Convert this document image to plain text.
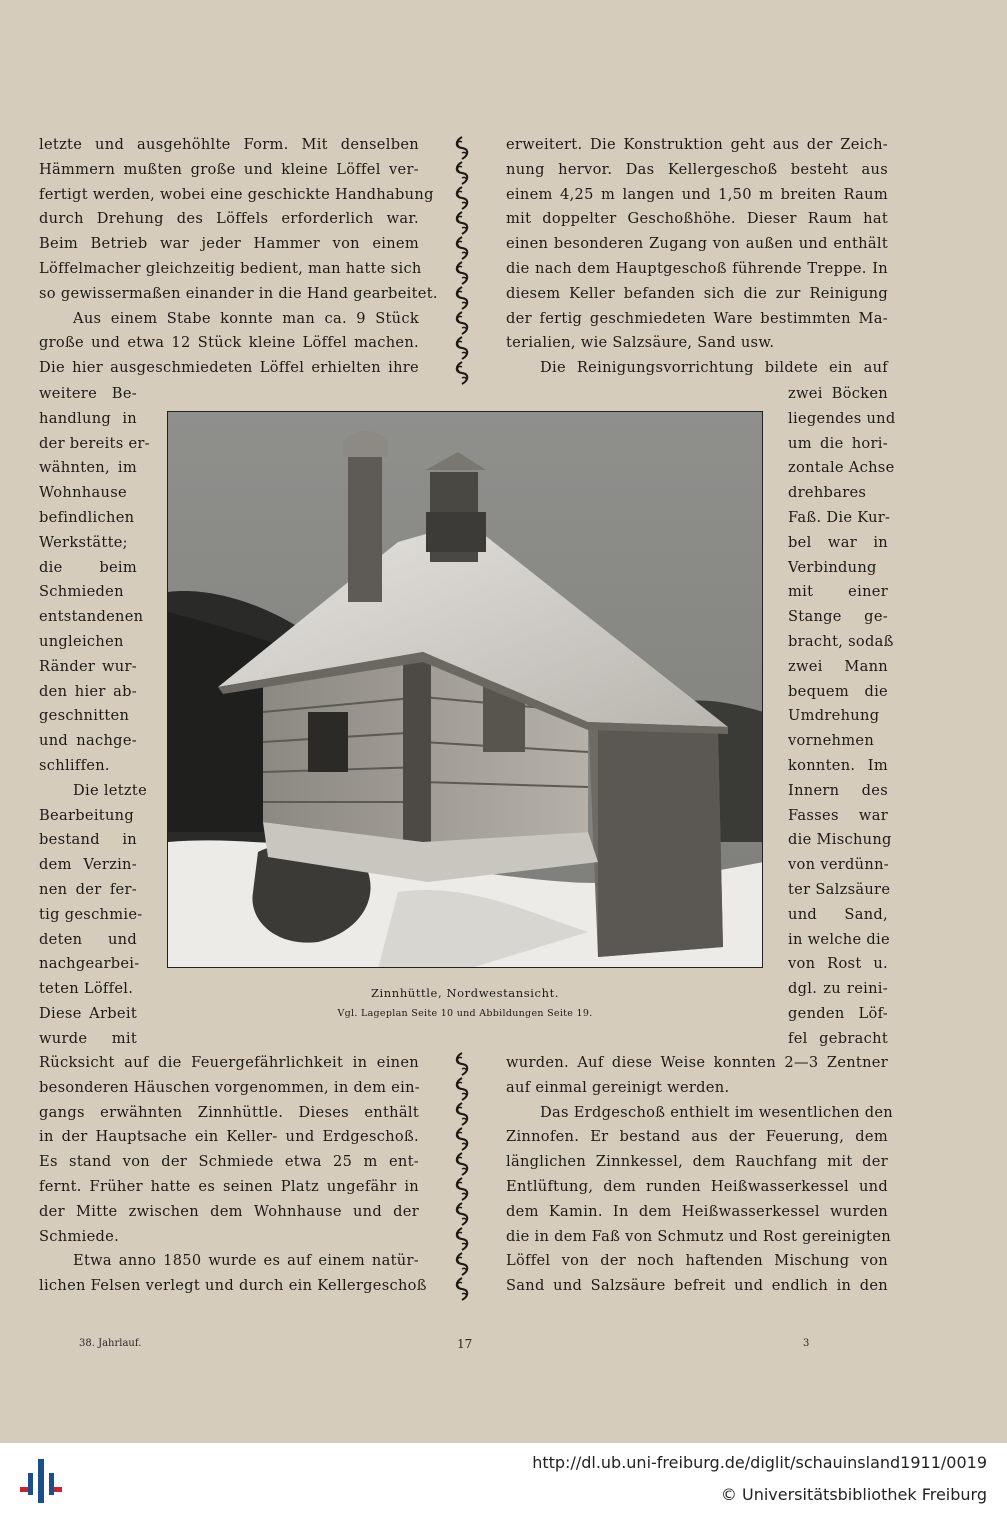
letzte und ausgehöhlte Form. Mit denselben
Hämmern mußten große und kleine Löffel ver-
fertigt werden, wobei eine geschickte Handhabung
durch Drehung des Löffels erforderlich war.
Beim Betrieb war jeder Hammer von einem
Löffelmacher gleichzeitig bedient, man hatte sich
so gewissermaßen einander in die Hand gearbeitet.
Aus einem Stabe konnte man ca. 9 Stück
große und etwa 12 Stück kleine Löffel machen.
Die hier ausgeschmiedeten Löffel erhielten ihre
erweitert. Die Konstruktion geht aus der Zeich-
nung hervor. Das Kellergeschoß besteht aus
einem 4,25 m langen und 1,50 m breiten Raum
mit doppelter Geschoßhöhe. Dieser Raum hat
einen besonderen Zugang von außen und enthält
die nach dem Hauptgeschoß führende Treppe. In
diesem Keller befanden sich die zur Reinigung
der fertig geschmiedeten Ware bestimmten Ma-
terialien, wie Salzsäure, Sand usw.
Die Reinigungsvorrichtung bildete ein auf
weitere Be-
handlung in
der bereits er-
wähnten, im
Wohnhause
befindlichen
Werkstätte;
die beim
Schmieden
entstandenen
ungleichen
Ränder wur-
den hier ab-
geschnitten
und nachge-
schliffen.
Die letzte
Bearbeitung
bestand in
dem Verzin-
nen der fer-
tig geschmie-
deten und
nachgearbei-
teten Löffel.
Diese Arbeit
wurde mit
zwei Böcken
liegendes und
um die hori-
zontale Achse
drehbares
Faß. Die Kur-
bel war in
Verbindung
mit einer
Stange ge-
bracht, sodaß
zwei Mann
bequem die
Umdrehung
vornehmen
konnten. Im
Innern des
Fasses war
die Mischung
von verdünn-
ter Salzsäure
und Sand,
in welche die
von Rost u.
dgl. zu reini-
genden Löf-
fel gebracht
Rücksicht auf die Feuergefährlichkeit in einen
besonderen Häuschen vorgenommen, in dem ein-
gangs erwähnten Zinnhüttle. Dieses enthält
in der Hauptsache ein Keller- und Erdgeschoß.
Es stand von der Schmiede etwa 25 m ent-
fernt. Früher hatte es seinen Platz ungefähr in
der Mitte zwischen dem Wohnhause und der
Schmiede.
Etwa anno 1850 wurde es auf einem natür-
lichen Felsen verlegt und durch ein Kellergeschoß
wurden. Auf diese Weise konnten 2—3 Zentner
auf einmal gereinigt werden.
Das Erdgeschoß enthielt im wesentlichen den
Zinnofen. Er bestand aus der Feuerung, dem
länglichen Zinnkessel, dem Rauchfang mit der
Entlüftung, dem runden Heißwasserkessel und
dem Kamin. In dem Heißwasserkessel wurden
die in dem Faß von Schmutz und Rost gereinigten
Löffel von der noch haftenden Mischung von
Sand und Salzsäure befreit und endlich in den
Zinnhüttle, Nordwestansicht.
Vgl. Lageplan Seite 10 und Abbildungen Seite 19.
38. Jahrlauf.	17	3
http://dl.ub.uni-freiburg.de/diglit/schauinsland1911/0019
© Universitätsbibliothek Freiburg
